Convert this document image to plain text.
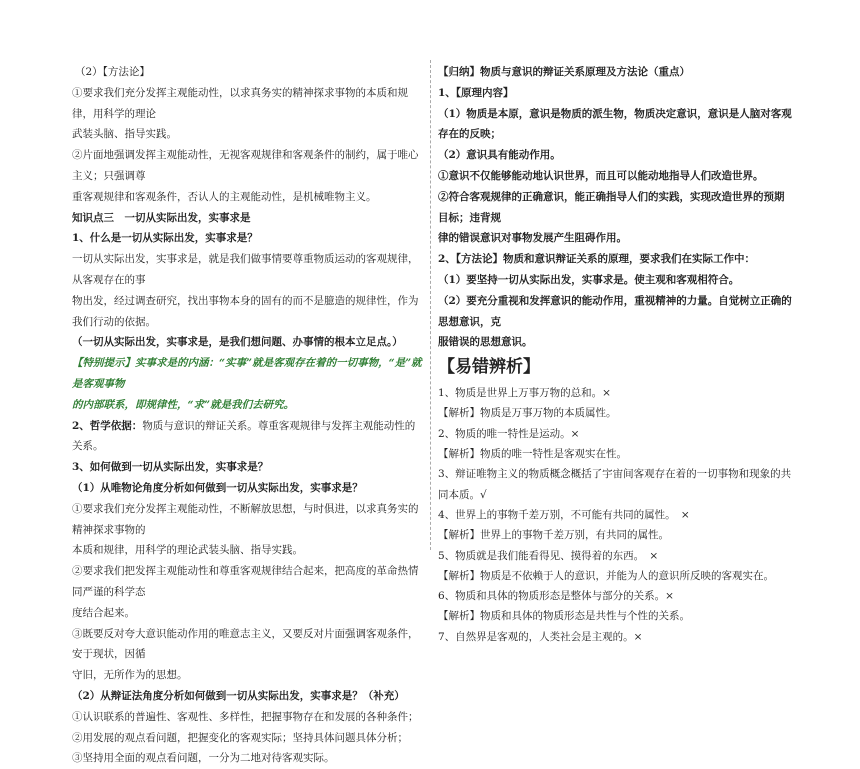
（2）【方法论】
①要求我们充分发挥主观能动性，以求真务实的精神探求事物的本质和规律，用科学的理论
武装头脑、指导实践。
②片面地强调发挥主观能动性，无视客观规律和客观条件的制约，属于唯心主义；只强调尊
重客观规律和客观条件，否认人的主观能动性，是机械唯物主义。
知识点三　一切从实际出发，实事求是
1、什么是一切从实际出发，实事求是？
一切从实际出发，实事求是，就是我们做事情要尊重物质运动的客观规律，从客观存在的事
物出发，经过调查研究，找出事物本身的固有的而不是臆造的规律性，作为我们行动的依据。
（一切从实际出发，实事求是，是我们想问题、办事情的根本立足点。）
【特别提示】实事求是的内涵：“实事”就是客观存在着的一切事物，“是”就是客观事物
的内部联系，即规律性，“求”就是我们去研究。
2、哲学依据：物质与意识的辩证关系。尊重客观规律与发挥主观能动性的关系。
3、如何做到一切从实际出发，实事求是？
（1）从唯物论角度分析如何做到一切从实际出发，实事求是？
①要求我们充分发挥主观能动性，不断解放思想，与时俱进，以求真务实的精神探求事物的
本质和规律，用科学的理论武装头脑、指导实践。
②要求我们把发挥主观能动性和尊重客观规律结合起来，把高度的革命热情同严谨的科学态
度结合起来。
③既要反对夸大意识能动作用的唯意志主义，又要反对片面强调客观条件，安于现状，因循
守旧，无所作为的思想。
（2）从辩证法角度分析如何做到一切从实际出发，实事求是？（补充）
①认识联系的普遍性、客观性、多样性，把握事物存在和发展的各种条件；
②用发展的观点看问题，把握变化的客观实际；坚持具体问题具体分析；
③坚持用全面的观点看问题，一分为二地对待客观实际。
【归纳】物质与意识的辩证关系原理及方法论（重点）
1、【原理内容】
（1）物质是本原，意识是物质的派生物，物质决定意识，意识是人脑对客观存在的反映；
（2）意识具有能动作用。
①意识不仅能够能动地认识世界，而且可以能动地指导人们改造世界。
②符合客观规律的正确意识，能正确指导人们的实践，实现改造世界的预期目标；违背规
律的错误意识对事物发展产生阻碍作用。
2、【方法论】物质和意识辩证关系的原理，要求我们在实际工作中：
（1）要坚持一切从实际出发，实事求是。使主观和客观相符合。
（2）要充分重视和发挥意识的能动作用，重视精神的力量。自觉树立正确的思想意识，克
服错误的思想意识。
【易错辨析】
1、物质是世界上万事万物的总和。×
【解析】物质是万事万物的本质属性。
2、物质的唯一特性是运动。×
【解析】物质的唯一特性是客观实在性。
3、辩证唯物主义的物质概念概括了宇宙间客观存在着的一切事物和现象的共同本质。√
4、世界上的事物千差万别，不可能有共同的属性。　×
【解析】世界上的事物千差万别，有共同的属性。
5、物质就是我们能看得见、摸得着的东西。　×
【解析】物质是不依赖于人的意识，并能为人的意识所反映的客观实在。
6、物质和具体的物质形态是整体与部分的关系。×
【解析】物质和具体的物质形态是共性与个性的关系。
7、自然界是客观的，人类社会是主观的。×
